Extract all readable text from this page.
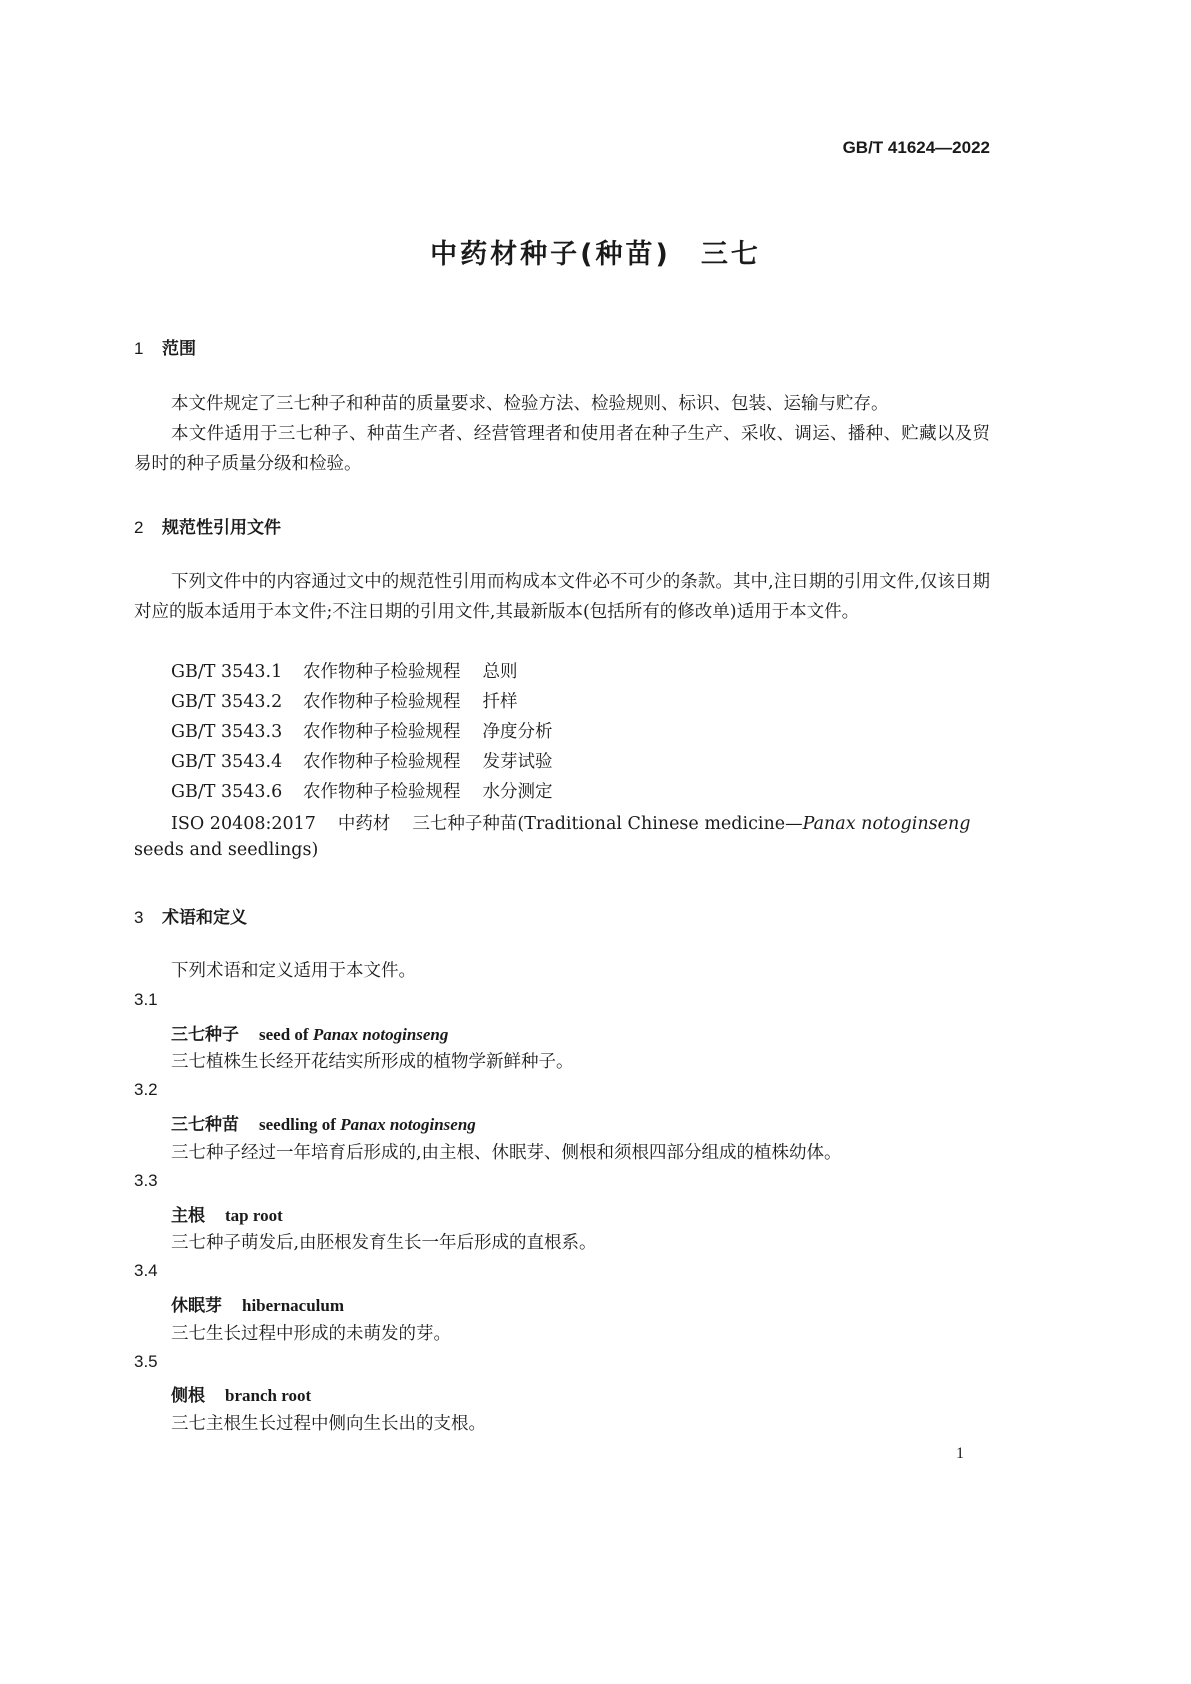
GB/T 41624—2022
中药材种子(种苗)　三七
1 范围
本文件规定了三七种子和种苗的质量要求、检验方法、检验规则、标识、包装、运输与贮存。
本文件适用于三七种子、种苗生产者、经营管理者和使用者在种子生产、采收、调运、播种、贮藏以及贸易时的种子质量分级和检验。
2 规范性引用文件
下列文件中的内容通过文中的规范性引用而构成本文件必不可少的条款。其中,注日期的引用文件,仅该日期对应的版本适用于本文件;不注日期的引用文件,其最新版本(包括所有的修改单)适用于本文件。
GB/T 3543.1 农作物种子检验规程 总则
GB/T 3543.2 农作物种子检验规程 扦样
GB/T 3543.3 农作物种子检验规程 净度分析
GB/T 3543.4 农作物种子检验规程 发芽试验
GB/T 3543.6 农作物种子检验规程 水分测定
ISO 20408:2017 中药材 三七种子种苗(Traditional Chinese medicine—Panax notoginseng
seeds and seedlings)
3 术语和定义
下列术语和定义适用于本文件。
3.1
三七种子 seed of Panax notoginseng
三七植株生长经开花结实所形成的植物学新鲜种子。
3.2
三七种苗 seedling of Panax notoginseng
三七种子经过一年培育后形成的,由主根、休眠芽、侧根和须根四部分组成的植株幼体。
3.3
主根 tap root
三七种子萌发后,由胚根发育生长一年后形成的直根系。
3.4
休眠芽 hibernaculum
三七生长过程中形成的未萌发的芽。
3.5
侧根 branch root
三七主根生长过程中侧向生长出的支根。
1
